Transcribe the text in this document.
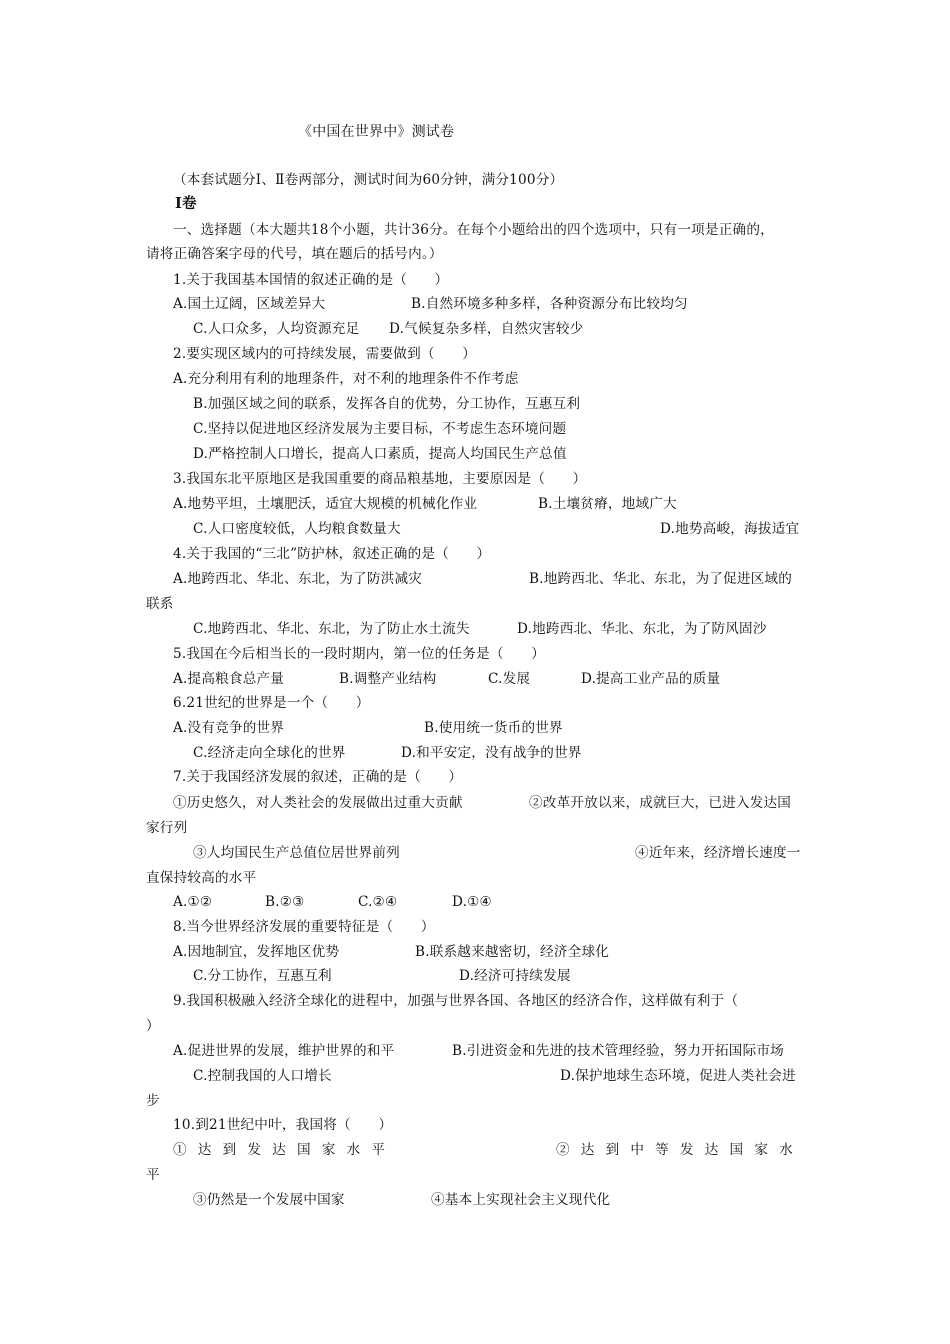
《中国在世界中》测试卷
（本套试题分Ⅰ、Ⅱ卷两部分，测试时间为60分钟，满分100分）
Ⅰ卷
一、选择题（本大题共18个小题，共计36分。在每个小题给出的四个选项中，只有一项是正确的，
请将正确答案字母的代号，填在题后的括号内。）
1.关于我国基本国情的叙述正确的是（　　）
A.国土辽阔，区域差异大	B.自然环境多种多样，各种资源分布比较均匀
C.人口众多，人均资源充足 D.气候复杂多样，自然灾害较少
2.要实现区域内的可持续发展，需要做到（　　）
A.充分利用有利的地理条件，对不利的地理条件不作考虑
B.加强区域之间的联系，发挥各自的优势，分工协作，互惠互利
C.坚持以促进地区经济发展为主要目标，不考虑生态环境问题
D.严格控制人口增长，提高人口素质，提高人均国民生产总值
3.我国东北平原地区是我国重要的商品粮基地，主要原因是（　　）
A.地势平坦，土壤肥沃，适宜大规模的机械化作业	B.土壤贫瘠，地域广大
C.人口密度较低，人均粮食数量大	D.地势高峻，海拔适宜
4.关于我国的“三北”防护林，叙述正确的是（　　）
A.地跨西北、华北、东北，为了防洪减灾	B.地跨西北、华北、东北，为了促进区域的
联系
C.地跨西北、华北、东北，为了防止水土流失	D.地跨西北、华北、东北，为了防风固沙
5.我国在今后相当长的一段时期内，第一位的任务是（　　）
A.提高粮食总产量	B.调整产业结构	C.发展	D.提高工业产品的质量
6.21世纪的世界是一个（　　）
A.没有竞争的世界	B.使用统一货币的世界
C.经济走向全球化的世界	D.和平安定，没有战争的世界
7.关于我国经济发展的叙述，正确的是（　　）
①历史悠久，对人类社会的发展做出过重大贡献	②改革开放以来，成就巨大，已进入发达国
家行列
③人均国民生产总值位居世界前列	④近年来，经济增长速度一
直保持较高的水平
A.①②	B.②③	C.②④	D.①④
8.当今世界经济发展的重要特征是（　　）
A.因地制宜，发挥地区优势	B.联系越来越密切，经济全球化
C.分工协作，互惠互利	D.经济可持续发展
9.我国积极融入经济全球化的进程中，加强与世界各国、各地区的经济合作，这样做有利于（
）
A.促进世界的发展，维护世界的和平	B.引进资金和先进的技术管理经验，努力开拓国际市场
C.控制我国的人口增长	D.保护地球生态环境，促进人类社会进
步
10.到21世纪中叶，我国将（　　）
①达到发达国家水平	②达到中等发达国家水
平
③仍然是一个发展中国家	④基本上实现社会主义现代化
